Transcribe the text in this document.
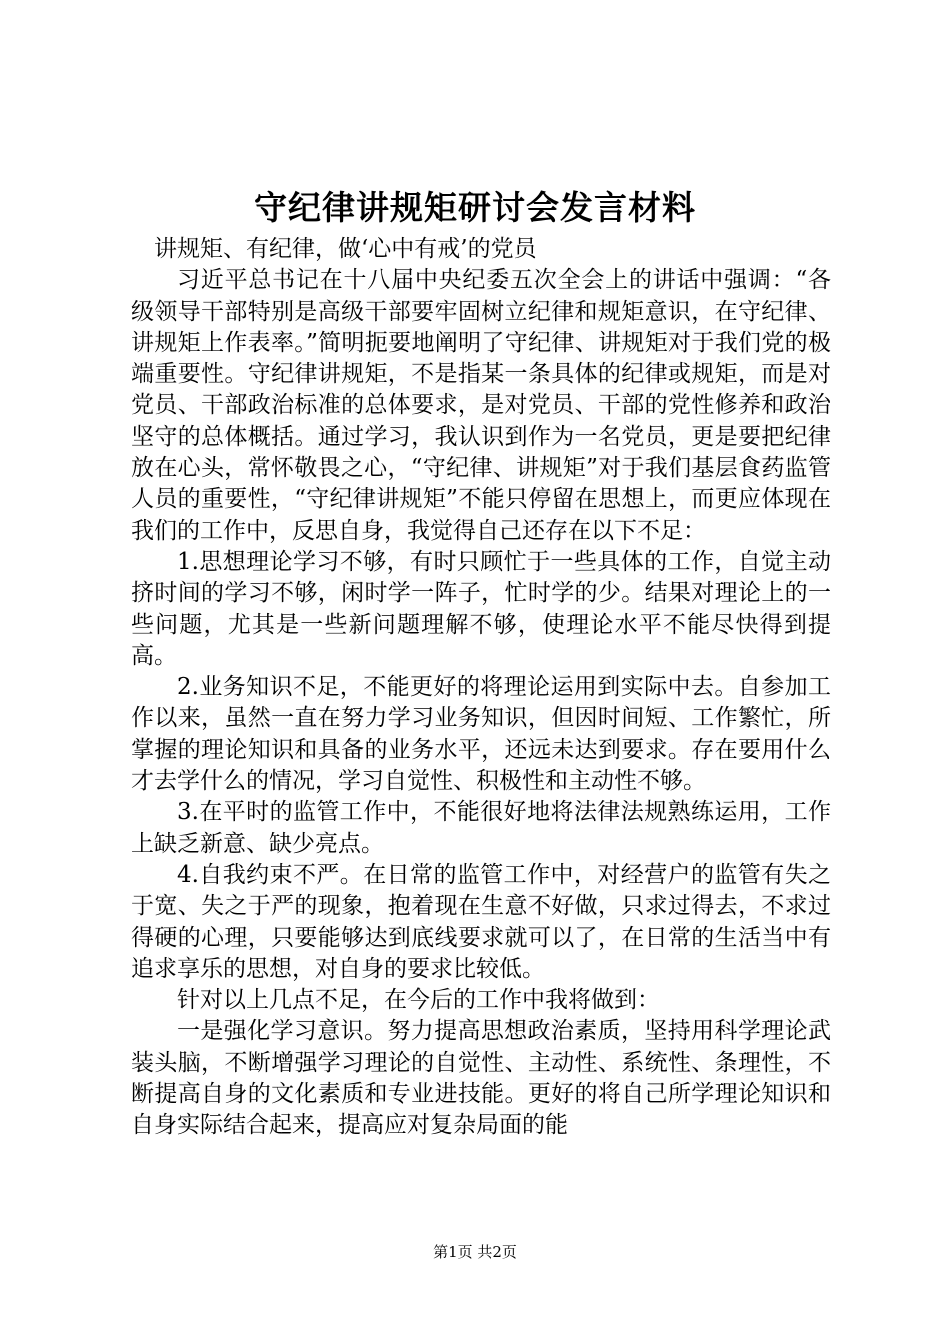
守纪律讲规矩研讨会发言材料

讲规矩、有纪律，做‘心中有戒’的党员

习近平总书记在十八届中央纪委五次全会上的讲话中强调：“各级领导干部特别是高级干部要牢固树立纪律和规矩意识，在守纪律、讲规矩上作表率。”简明扼要地阐明了守纪律、讲规矩对于我们党的极端重要性。守纪律讲规矩，不是指某一条具体的纪律或规矩，而是对党员、干部政治标准的总体要求，是对党员、干部的党性修养和政治坚守的总体概括。通过学习，我认识到作为一名党员，更是要把纪律放在心头，常怀敬畏之心，“守纪律、讲规矩”对于我们基层食药监管人员的重要性，“守纪律讲规矩”不能只停留在思想上，而更应体现在我们的工作中，反思自身，我觉得自己还存在以下不足：

1.思想理论学习不够，有时只顾忙于一些具体的工作，自觉主动挤时间的学习不够，闲时学一阵子，忙时学的少。结果对理论上的一些问题，尤其是一些新问题理解不够，使理论水平不能尽快得到提高。

2.业务知识不足，不能更好的将理论运用到实际中去。自参加工作以来，虽然一直在努力学习业务知识，但因时间短、工作繁忙，所掌握的理论知识和具备的业务水平，还远未达到要求。存在要用什么才去学什么的情况，学习自觉性、积极性和主动性不够。

3.在平时的监管工作中，不能很好地将法律法规熟练运用，工作上缺乏新意、缺少亮点。

4.自我约束不严。在日常的监管工作中，对经营户的监管有失之于宽、失之于严的现象，抱着现在生意不好做，只求过得去，不求过得硬的心理，只要能够达到底线要求就可以了，在日常的生活当中有追求享乐的思想，对自身的要求比较低。

针对以上几点不足，在今后的工作中我将做到：

一是强化学习意识。努力提高思想政治素质，坚持用科学理论武装头脑，不断增强学习理论的自觉性、主动性、系统性、条理性，不断提高自身的文化素质和专业进技能。更好的将自己所学理论知识和自身实际结合起来，提高应对复杂局面的能

第1页 共2页
